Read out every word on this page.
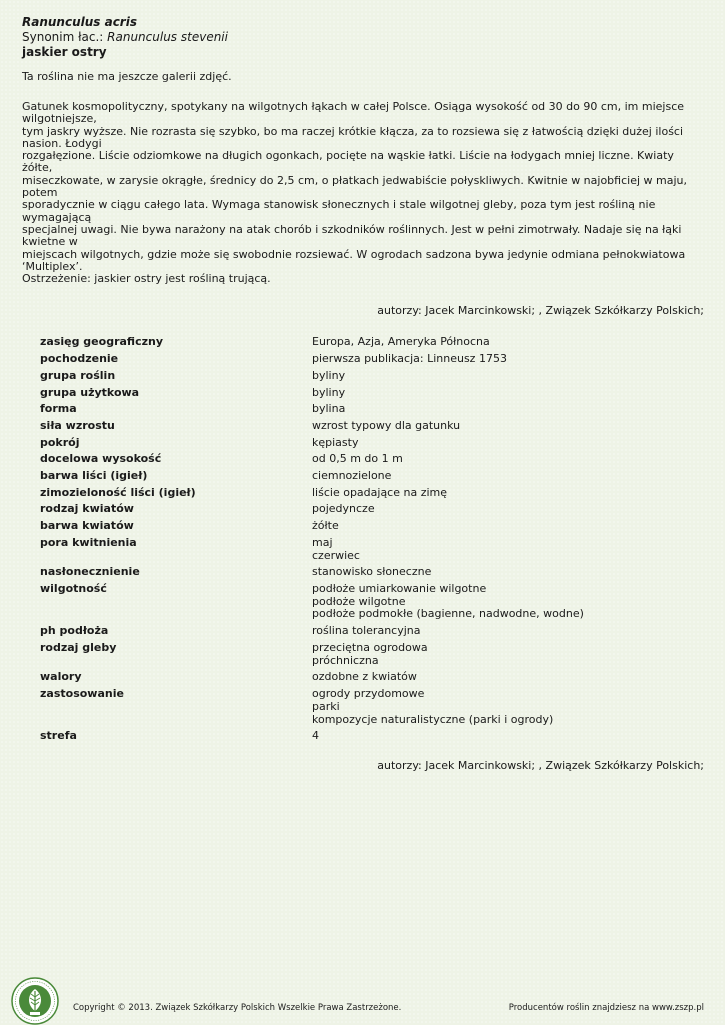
Ranunculus acris
Synonim łac.: Ranunculus stevenii
jaskier ostry
Ta roślina nie ma jeszcze galerii zdjęć.
Gatunek kosmopolityczny, spotykany na wilgotnych łąkach w całej Polsce. Osiąga wysokość od 30 do 90 cm, im miejsce wilgotniejsze,
tym jaskry wyższe. Nie rozrasta się szybko, bo ma raczej krótkie kłącza, za to rozsiewa się z łatwością dzięki dużej ilości nasion. Łodygi
rozgałęzione. Liście odziomkowe na długich ogonkach, pocięte na wąskie łatki. Liście na łodygach mniej liczne. Kwiaty żółte,
miseczkowate, w zarysie okrągłe, średnicy do 2,5 cm, o płatkach jedwabiście połyskliwych. Kwitnie w najobficiej w maju, potem
sporadycznie w ciągu całego lata. Wymaga stanowisk słonecznych i stale wilgotnej gleby, poza tym jest rośliną nie wymagającą
specjalnej uwagi. Nie bywa narażony na atak chorób i szkodników roślinnych. Jest w pełni zimotrwały. Nadaje się na łąki kwietne w
miejscach wilgotnych, gdzie może się swobodnie rozsiewać. W ogrodach sadzona bywa jedynie odmiana pełnokwiatowa ‘Multiplex’.
Ostrzeżenie: jaskier ostry jest rośliną trującą.
autorzy: Jacek Marcinkowski; , Związek Szkółkarzy Polskich;
zasięg geograficzny	Europa, Azja, Ameryka Północna

pochodzenie	pierwsza publikacja: Linneusz 1753

grupa roślin	byliny

grupa użytkowa	byliny

forma	bylina

siła wzrostu	wzrost typowy dla gatunku

pokrój	kępiasty

docelowa wysokość	od 0,5 m do 1 m

barwa liści (igieł)	ciemnozielone

zimozieloność liści (igieł)	liście opadające na zimę

rodzaj kwiatów	pojedyncze

barwa kwiatów	żółte

pora kwitnienia	maj
czerwiec

nasłonecznienie	stanowisko słoneczne

wilgotność	podłoże umiarkowanie wilgotne
podłoże wilgotne
podłoże podmokłe (bagienne, nadwodne, wodne)

ph podłoża	roślina tolerancyjna

rodzaj gleby	przeciętna ogrodowa
próchniczna

walory	ozdobne z kwiatów

zastosowanie	ogrody przydomowe
parki
kompozycje naturalistyczne (parki i ogrody)

strefa	4
autorzy: Jacek Marcinkowski; , Związek Szkółkarzy Polskich;
Copyright © 2013. Związek Szkółkarzy Polskich Wszelkie Prawa Zastrzeżone.	Producentów roślin znajdziesz na www.zszp.pl
